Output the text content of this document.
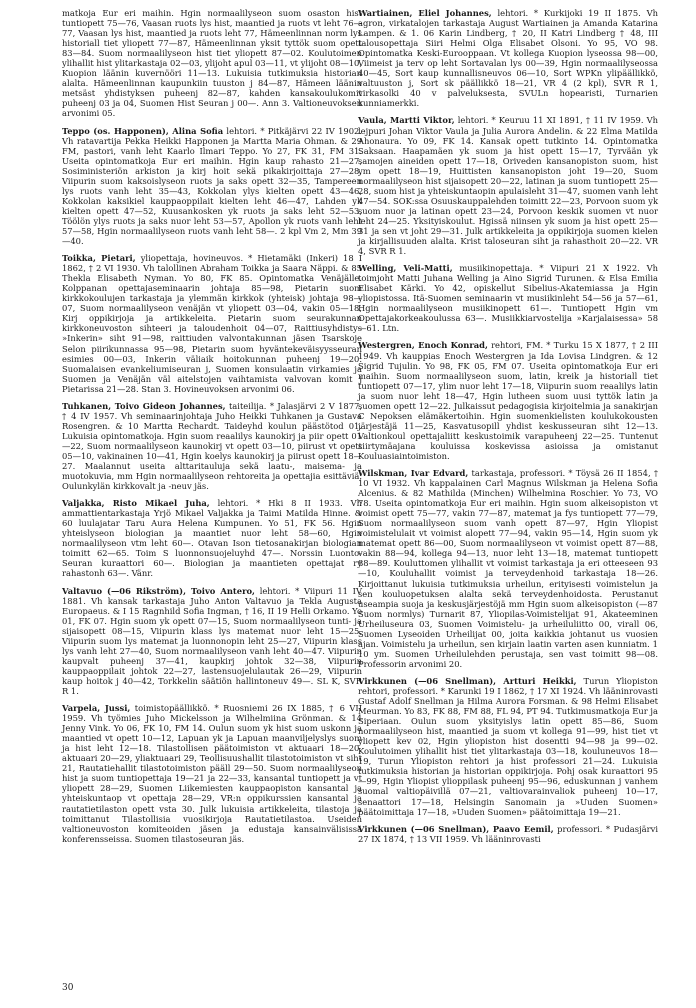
matkoja Eur eri maihin. Hgin normaalilyseon suom osaston hist tuntiopett 75—76, Vaasan ruots lys hist, maantied ja ruots vt leht 76—77, Vaasan lys hist, maantied ja ruots leht 77, Hämeenlinnan norm lys historiall tiet yliopett 77—87, Hämeenlinnan yksit tyttök suom opett 83—84. Suom normaalilyseon hist tiet yliopett 87—02. Koulutoimen ylihallit hist ylitarkastaja 02—03, ylijoht apul 03—11, vt ylijoht 08—10, Kuopion läänin kuvernööri 11—13. Lukuisia tutkimuksia historian alalta. Hämeenlinnan kaupunkiin tuuston j 84—87, Hämeen läänin metsäst yhdistyksen puheenj 82—87, kahden kansakoulukomit puheenj 03 ja 04, Suomen Hist Seuran j 00—. Ann 3. Valtioneuvoksen arvonimi 05.

Teppo (os. Happonen), Alina Sofia lehtori. * Pitkäjärvi 22 IV 1902. Vh ratavartija Pekka Heikki Happonen ja Martta Maria Ohman. & 29 FM, pastori, vanh leht Kaarlo Ilmari Teppo. Yo 27, FK 31, FM 31. Useita opintomatkoja Eur eri maihin. Hgin kaup rahasto 21—27, Sosiministeriön arkiston ja kirj hoit sekä pikakirjoittaja 27—28, Viipurin suom kaksoislyseon ruots ja saks opett 32—35, Tampereen lys ruots vanh leht 35—43, Kokkolan ylys kielten opett 43—46, Kokkolan kaksikiel kauppaoppilait kielten leht 46—47, Lahden yk kielten opett 47—52, Kuusankosken yk ruots ja saks leht 52—53, Töölön ylys ruots ja saks nuor leht 53—57, Apollon yk ruots vanh leht 57—58, Hgin normaalilyseon ruots vanh leht 58—. 2 kpl Vm 2, Mm 39—40.

Toikka, Pietari, yliopettaja, hovineuvos. * Hietamäki (Inkeri) 18 I 1862, † 2 VI 1930. Vh talollinen Abraham Toikka ja Saara Näppi. & 85 Thekla Elisabeth Nyman. Yo 80, FK 85. Opintomatka Venäjälle. Kolppanan opettajaseminaarin johtaja 85—98, Pietarin suom kirkkokoulujen tarkastaja ja ylemmän kirkkok (yhteisk) johtaja 98—07, Suom normaalilyseon venäjän vt yliopett 03—04, vakin 05—18, Kirj oppikirjoja ja artikkeleita. Pietarin suom seurakunnan kirkkoneuvoston sihteeri ja taloudenhoit 04—07, Raittiusyhdistys »Inkerin» siht 91—98, raittiuden valvontakunnan jäsen Tsarskoje Selon piirikunnassa 95—98, Pietarin suom hyväntekeväisyysseuran esimies 00—03, Inkerin väliaik hoitokunnan puheenj 19—20. Suomalaisen evankeliumiseuran j, Suomen konsulaatin virkamies ja Suomen ja Venäjän väl aitelstojen vaihtamista valvovan komit j Pietarissa 21—28. Stan 3. Hovineuvoksen arvonimi 06.

Tuhkanen, Toivo Gideon Johannes, taiteilija. * Jalasjärvi 2 V 1877, † 4 IV 1957. Vh seminaarinjohtaja Juho Heikki Tuhkanen ja Gustava Rosengren. & 10 Martta Rechardt. Taideyhd koulun päästötod 01. Lukuisia opintomatkoja. Hgin suom reaalilys kaunokirj ja piir opett 01—22, Suom normaalilyseon kaunokirj vt opett 03—10, piirust vt opett 05—10, vakinainen 10—41, Hgin koelys kaunokirj ja piirust opett 18—27. Maalannut useita alttaritauluja sekä laatu-, maisema- ja muotokuvia, mm Hgin normaalilyseon rehtoreita ja opettajia esittäviä. Oulunkylän kirkkovalt ja -neuv jäs.

Valjakka, Risto Mikael Juha, lehtori. * Hki 8 II 1933. Vh ammattientarkastaja Yrjö Mikael Valjakka ja Taimi Matilda Hinne. & 60 luulajatar Taru Aura Helena Kumpunen. Yo 51, FK 56. Hgin yhteislyseon biologian ja maantiet nuor leht 58—60, Hgin normaalilyseon vtm leht 60—. Otavan Ison tietosanakirjan biologian toimitt 62—65. Toim S luonnonsuojeluyhd 47—. Norssin Luonto-Seuran kuraattori 60—. Biologian ja maantieten opettajat ry rahastonh 63—. Vänr.

Valtavuo (—06 Rikström), Toivo Antero, lehtori. * Viipuri 11 IV 1881. Vh kansak tarkastaja Juho Anton Valtavuo ja Tekla Augusta Europaeus. & I 15 Ragnhild Sofia Ingman, † 16, II 19 Helli Orkamo. Yo 01, FK 07. Hgin suom yk opett 07—15, Suom normaalilyseon tunti- ja sijaisopett 08—15, Viipurin klass lys matemat nuor leht 15—25, Viipurin suom lys matemat ja luonnonopin leht 25—27, Viipurin klass lys vanh leht 27—40, Suom normaalilyseon vanh leht 40—47. Viipurin kaupvalt puheenj 37—41, kaupkirj johtok 32—38, Viipurin kauppaoppilait johtok 22—27, lastensuojelulautak 26—29, Viipurin kaup hoitok j 40—42, Torkkelin säätiön hallintoneuv 49—. SL K, SVR R 1.

Varpela, Jussi, toimistopäällikkö. * Ruosniemi 26 IX 1885, † 6 VII 1959. Vh työmies Juho Mickelsson ja Wilhelmiina Grönman. & 14 Jenny Vink. Yo 06, FK 10, FM 14. Oulun suom yk hist suom uskonn ja maantied vt opett 10—12, Lapuan yk ja Lapuan maanviljelyslys suom ja hist leht 12—18. Tilastollisen päätoimiston vt aktuaari 18—20, aktuaari 20—29, yliaktuaari 29, Teollisuushallit tilastotoimiston vt siht 21, Rautatiehallit tilastotoimiston pääll 29—50. Suom normaalilyseon hist ja suom tuntiopettaja 19—21 ja 22—33, kansantal tuntiopett ja vt yliopett 28—29, Suomen Liikemiesten kauppaopiston kansantal ja yhteiskuntaop vt opettaja 28—29, VR:n oppikurssien kansantal ja rautatietilaston opett vsta 30. Julk lukuisia artikkeleita, tilastoja ja toimittanut Tilastollisia vuosikirjoja Rautatietilastoa. Useiden valtioneuvoston komiteoiden jäsen ja edustaja kansainvälisissä konferensseissa. Suomen tilastoseuran jäs.

Wartiainen, Eliel Johannes, lehtori. * Kurkijoki 19 II 1875. Vh agron, virkatalojen tarkastaja August Wartiainen ja Amanda Katarina Lampen. & 1. 06 Karin Lindberg, † 20, II Katri Lindberg † 48, III talousopettaja Siiri Helmi Olga Elisabet Olsoni. Yo 95, VO 98. Opintomatka Keski-Eurooppaan. Vt kollega Kuopion lyseossa 98—00, Viimeist ja terv op leht Sortavalan lys 00—39, Hgin normaalilyseossa 40—45, Sort kaup kunnallisneuvos 06—10, Sort WPKn ylipäällikkö, valtuuston j, Sort sk päällikkö 18—21, VR 4 (2 kpl), SVR R 1, virkasolki 40 v palveluksesta, SVULn hopearisti, Turnarien kunniamerkki.

Vaula, Martti Viktor, lehtori. * Keuruu 11 XI 1891, † 11 IV 1959. Vh lejpuri Johan Viktor Vaula ja Julia Aurora Andelin. & 22 Elma Matilda Ahonaura. Yo 09, FK 14. Kansak opett tutkinto 14. Opintomatka Saksaan. Haapamäen yk suom ja hist opett 15—17, Tyrvään yk samojen aineiden opett 17—18, Oriveden kansanopiston suom, hist ym opett 18—19, Huittisten kansanopiston joht 19—20, Suom normaalilyseon hist sijaisopett 20—22, latinan ja suom tuntiopett 25—28, suom hist ja yhteiskuntaopin apulaisleht 31—47, suomen vanh leht 47—54. SOK:ssa Osuuskauppalehden toimitt 22—23, Porvoon suom yk suom nuor ja latinan opett 23—24, Porvoon keskik suomen vt nuor leht 24—25. Yksityiskoulut. Hgissä niinsen yk suom ja hist opett 25—31 ja sen vt joht 29—31. Julk artikkeleita ja oppikirjoja suomen kielen ja kirjallisuuden alalta. Krist taloseuran siht ja rahasthoit 20—22. VR 4, SVR R 1.

Welling, Veli-Matti, musiikinopettaja. * Viipuri 21 X 1922. Vh toimjoht Matti Juhana Welling ja Aino Sigrid Turunen. & Elsa Emilia Elisabet Kärki. Yo 42, opiskellut Sibelius-Akatemiassa ja Hgin yliopistossa. Itä-Suomen seminaarin vt musiikinleht 54—56 ja 57—61, Hgin normaalilyseon musiikinopett 61—. Tuntiopett Hgin vm Opettajakorkeakoulussa 63—. Musiikkiarvostelija »Karjalaisessa» 58—61. Ltn.

Westergren, Enoch Konrad, rehtori, FM. * Turku 15 X 1877, † 2 III 1949. Vh kauppias Enoch Westergren ja Ida Lovisa Lindgren. & 12 Sigrid Tujulin. Yo 98, FK 05, FM 07. Useita opintomatkoja Eur eri maihin. Suom normaalilyseon suom, latin, kreik ja historiall tiet tuntiopett 07—17, ylim nuor leht 17—18, Viipurin suom reaalilys latin ja suom nuor leht 18—47, Hgin lutheen suom uusi tyttök latin ja suomen opett 12—22. Julkaissut pedagogisia kirjoitelmia ja sanakirjan C Nepoksen elämäkertoihin. Hgin suomenkielisten koulukokousten järjestäjä 11—25, Kasvatusopill yhdist keskusseuran siht 12—13. Valtionkoul opettajaliitt keskustoimik varapuheenj 22—25. Tuntenut siirtymäajana kouluissa koskevissa asioissa ja omistanut Kouluasiaintoimiston.

Wilskman, Ivar Edvard, tarkastaja, professori. * Töysä 26 II 1854, † 10 VI 1932. Vh kappalainen Carl Magnus Wilskman ja Helena Sofia Alcenius. & 82 Mathilda (Minchen) Wilhelmina Roschier. Yo 73, VO 78. Useita opintomatkoja Eur eri maihin. Hgin suom alkeisopiston vt voimist opett 75—77, vakin 77—87, matemat ja fys tuntiopett 77—79, Suom normaalilyseon suom vanh opett 87—97, Hgin Yliopist voimistelulait vt voimist alopett 77—94, vakin 95—14, Hgin suom yk matemat opett 86—00, Suom normaalilyseon vt voimist opett 87—88, vakin 88—94, kollega 94—13, nuor leht 13—18, matemat tuntiopett 88—89. Kouluttomen ylihallit vt voimist tarkastaja ja eri otteeseen 93—10, Kouluhallit voimist ja terveydenhoid tarkastaja 18—26. Kirjoittanut lukuisia tutkimuksia urheilun, erityisesti voimistelun ja sen kouluopetuksen alalta sekä terveydenhoidosta. Perustanut useampia suoja ja keskusjärjestöjä mm Hgin suom alkeisopiston (—87 Suom normlys) Turnarit 87, Yliopilas-Voimistelijat 91, Akateeminen Urheiluseura 03, Suomen Voimistelu- ja urheiluliitto 00, virall 06, Suomen Lyseoiden Urheilijat 00, joita kaikkia johtanut us vuosien ajan. Voimistelu ja urheilun, sen kirjain laatin varten asen kunniatm. 1 10 ym. Suomen Urheilulehden perustaja, sen vast toimitt 98—08. Professorin arvonimi 20.

Virkkunen (—06 Snellman), Artturi Heikki, Turun Yliopiston rehtori, professori. * Karunki 19 I 1862, † 17 XI 1924. Vh lääninrovasti Gustaf Adolf Snellman ja Hilma Aurora Forsman. & 98 Helmi Elisabet Meurman. Yo 83, FK 88, FM 88, FL 94, PT 94. Tutkimusmatkoja Eur ja Siperiaan. Oulun suom yksityislys latin opett 85—86, Suom normaalilyseon hist, maantied ja suom vt kollega 91—99, hist tiet vt yliopett kev 02, Hgin yliopiston hist dosentti 94—98 ja 99—02. Koulutoimen ylihallit hist tiet ylitarkastaja 03—18, kouluneuvos 18—19, Turun Yliopiston rehtori ja hist professori 21—24. Lukuisia tutkimuksia historian ja historian oppikirjoja. Pohj osak kuraattori 95—99, Hgin Yliopist ylioppilask puheenj 95—96, eduskunnan j vanhem suomal valtiopäivillä 07—21, valtiovarainvaliok puheenj 10—17, senaattori 17—18, Helsingin Sanomain ja »Uuden Suomen» päätoimittaja 17—18, »Uuden Suomen» päätoimittaja 19—21.

Virkkunen (—06 Snellman), Paavo Eemil, professori. * Pudasjärvi 27 IX 1874, † 13 VII 1959. Vh lääninrovasti

30
